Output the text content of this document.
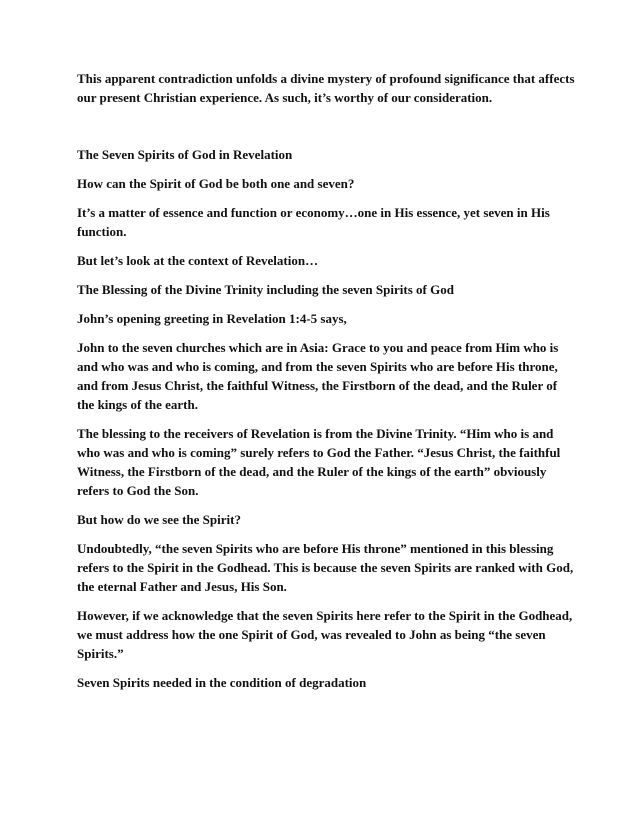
This apparent contradiction unfolds a divine mystery of profound significance that affects our present Christian experience. As such, it’s worthy of our consideration.

The Seven Spirits of God in Revelation

How can the Spirit of God be both one and seven?

It’s a matter of essence and function or economy…one in His essence, yet seven in His function.

But let’s look at the context of Revelation…

The Blessing of the Divine Trinity including the seven Spirits of God

John’s opening greeting in Revelation 1:4-5 says,

John to the seven churches which are in Asia: Grace to you and peace from Him who is and who was and who is coming, and from the seven Spirits who are before His throne, and from Jesus Christ, the faithful Witness, the Firstborn of the dead, and the Ruler of the kings of the earth.

The blessing to the receivers of Revelation is from the Divine Trinity. “Him who is and who was and who is coming” surely refers to God the Father. “Jesus Christ, the faithful Witness, the Firstborn of the dead, and the Ruler of the kings of the earth” obviously refers to God the Son.

But how do we see the Spirit?

Undoubtedly, “the seven Spirits who are before His throne” mentioned in this blessing refers to the Spirit in the Godhead. This is because the seven Spirits are ranked with God, the eternal Father and Jesus, His Son.

However, if we acknowledge that the seven Spirits here refer to the Spirit in the Godhead, we must address how the one Spirit of God, was revealed to John as being “the seven Spirits.”

Seven Spirits needed in the condition of degradation
